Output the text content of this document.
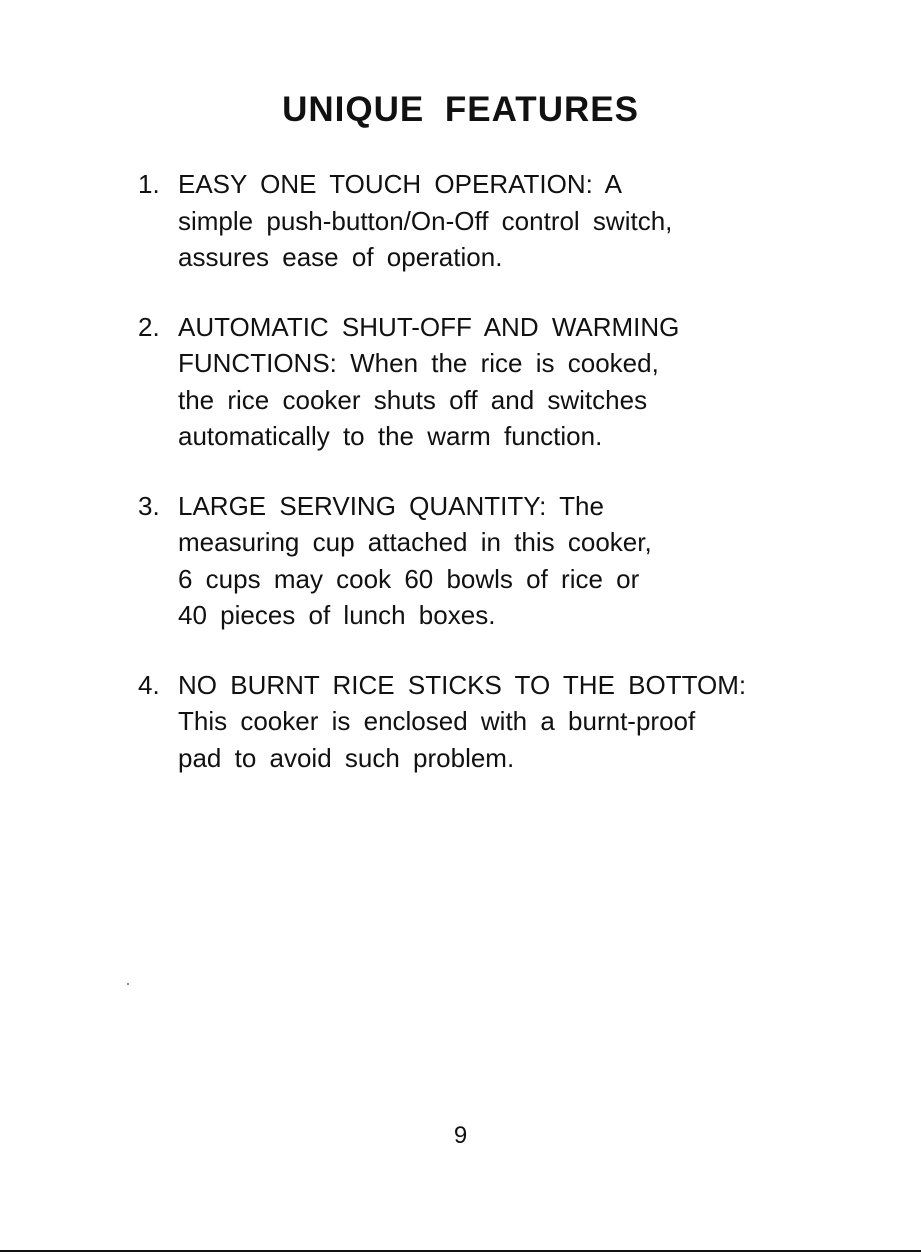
UNIQUE FEATURES
1. EASY ONE TOUCH OPERATION: A
simple push-button/On-Off control switch,
assures ease of operation.
2. AUTOMATIC SHUT-OFF AND WARMING
FUNCTIONS: When the rice is cooked,
the rice cooker shuts off and switches
automatically to the warm function.
3. LARGE SERVING QUANTITY: The
measuring cup attached in this cooker,
6 cups may cook 60 bowls of rice or
40 pieces of lunch boxes.
4. NO BURNT RICE STICKS TO THE BOTTOM:
This cooker is enclosed with a burnt-proof
pad to avoid such problem.
9
